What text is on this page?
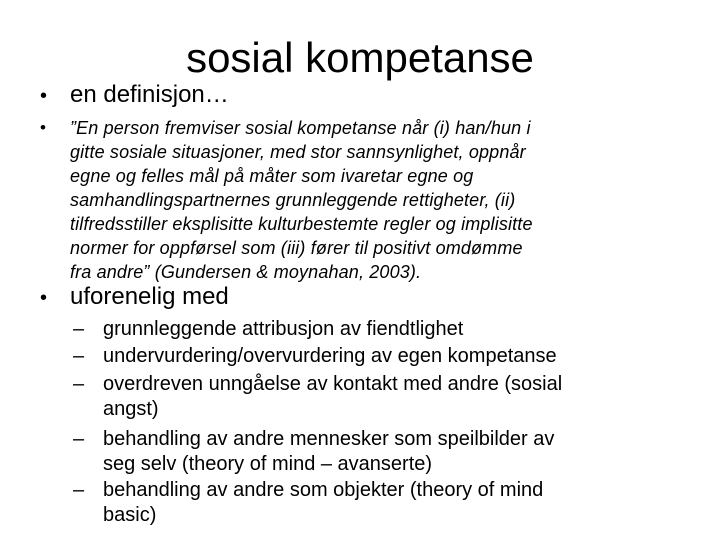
sosial kompetanse
• en definisjon…
• ”En person fremviser sosial kompetanse når (i) han/hun i
gitte sosiale situasjoner, med stor sannsynlighet, oppnår
egne og felles mål på måter som ivaretar egne og
samhandlingspartnernes grunnleggende rettigheter, (ii)
tilfredsstiller eksplisitte kulturbestemte regler og implisitte
normer for oppførsel som (iii) fører til positivt omdømme
fra andre” (Gundersen & moynahan, 2003).
• uforenelig med
– grunnleggende attribusjon av fiendtlighet
– undervurdering/overvurdering av egen kompetanse
– overdreven unngåelse av kontakt med andre (sosial
angst)
– behandling av andre mennesker som speilbilder av
seg selv (theory of mind – avanserte)
– behandling av andre som objekter (theory of mind
basic)
